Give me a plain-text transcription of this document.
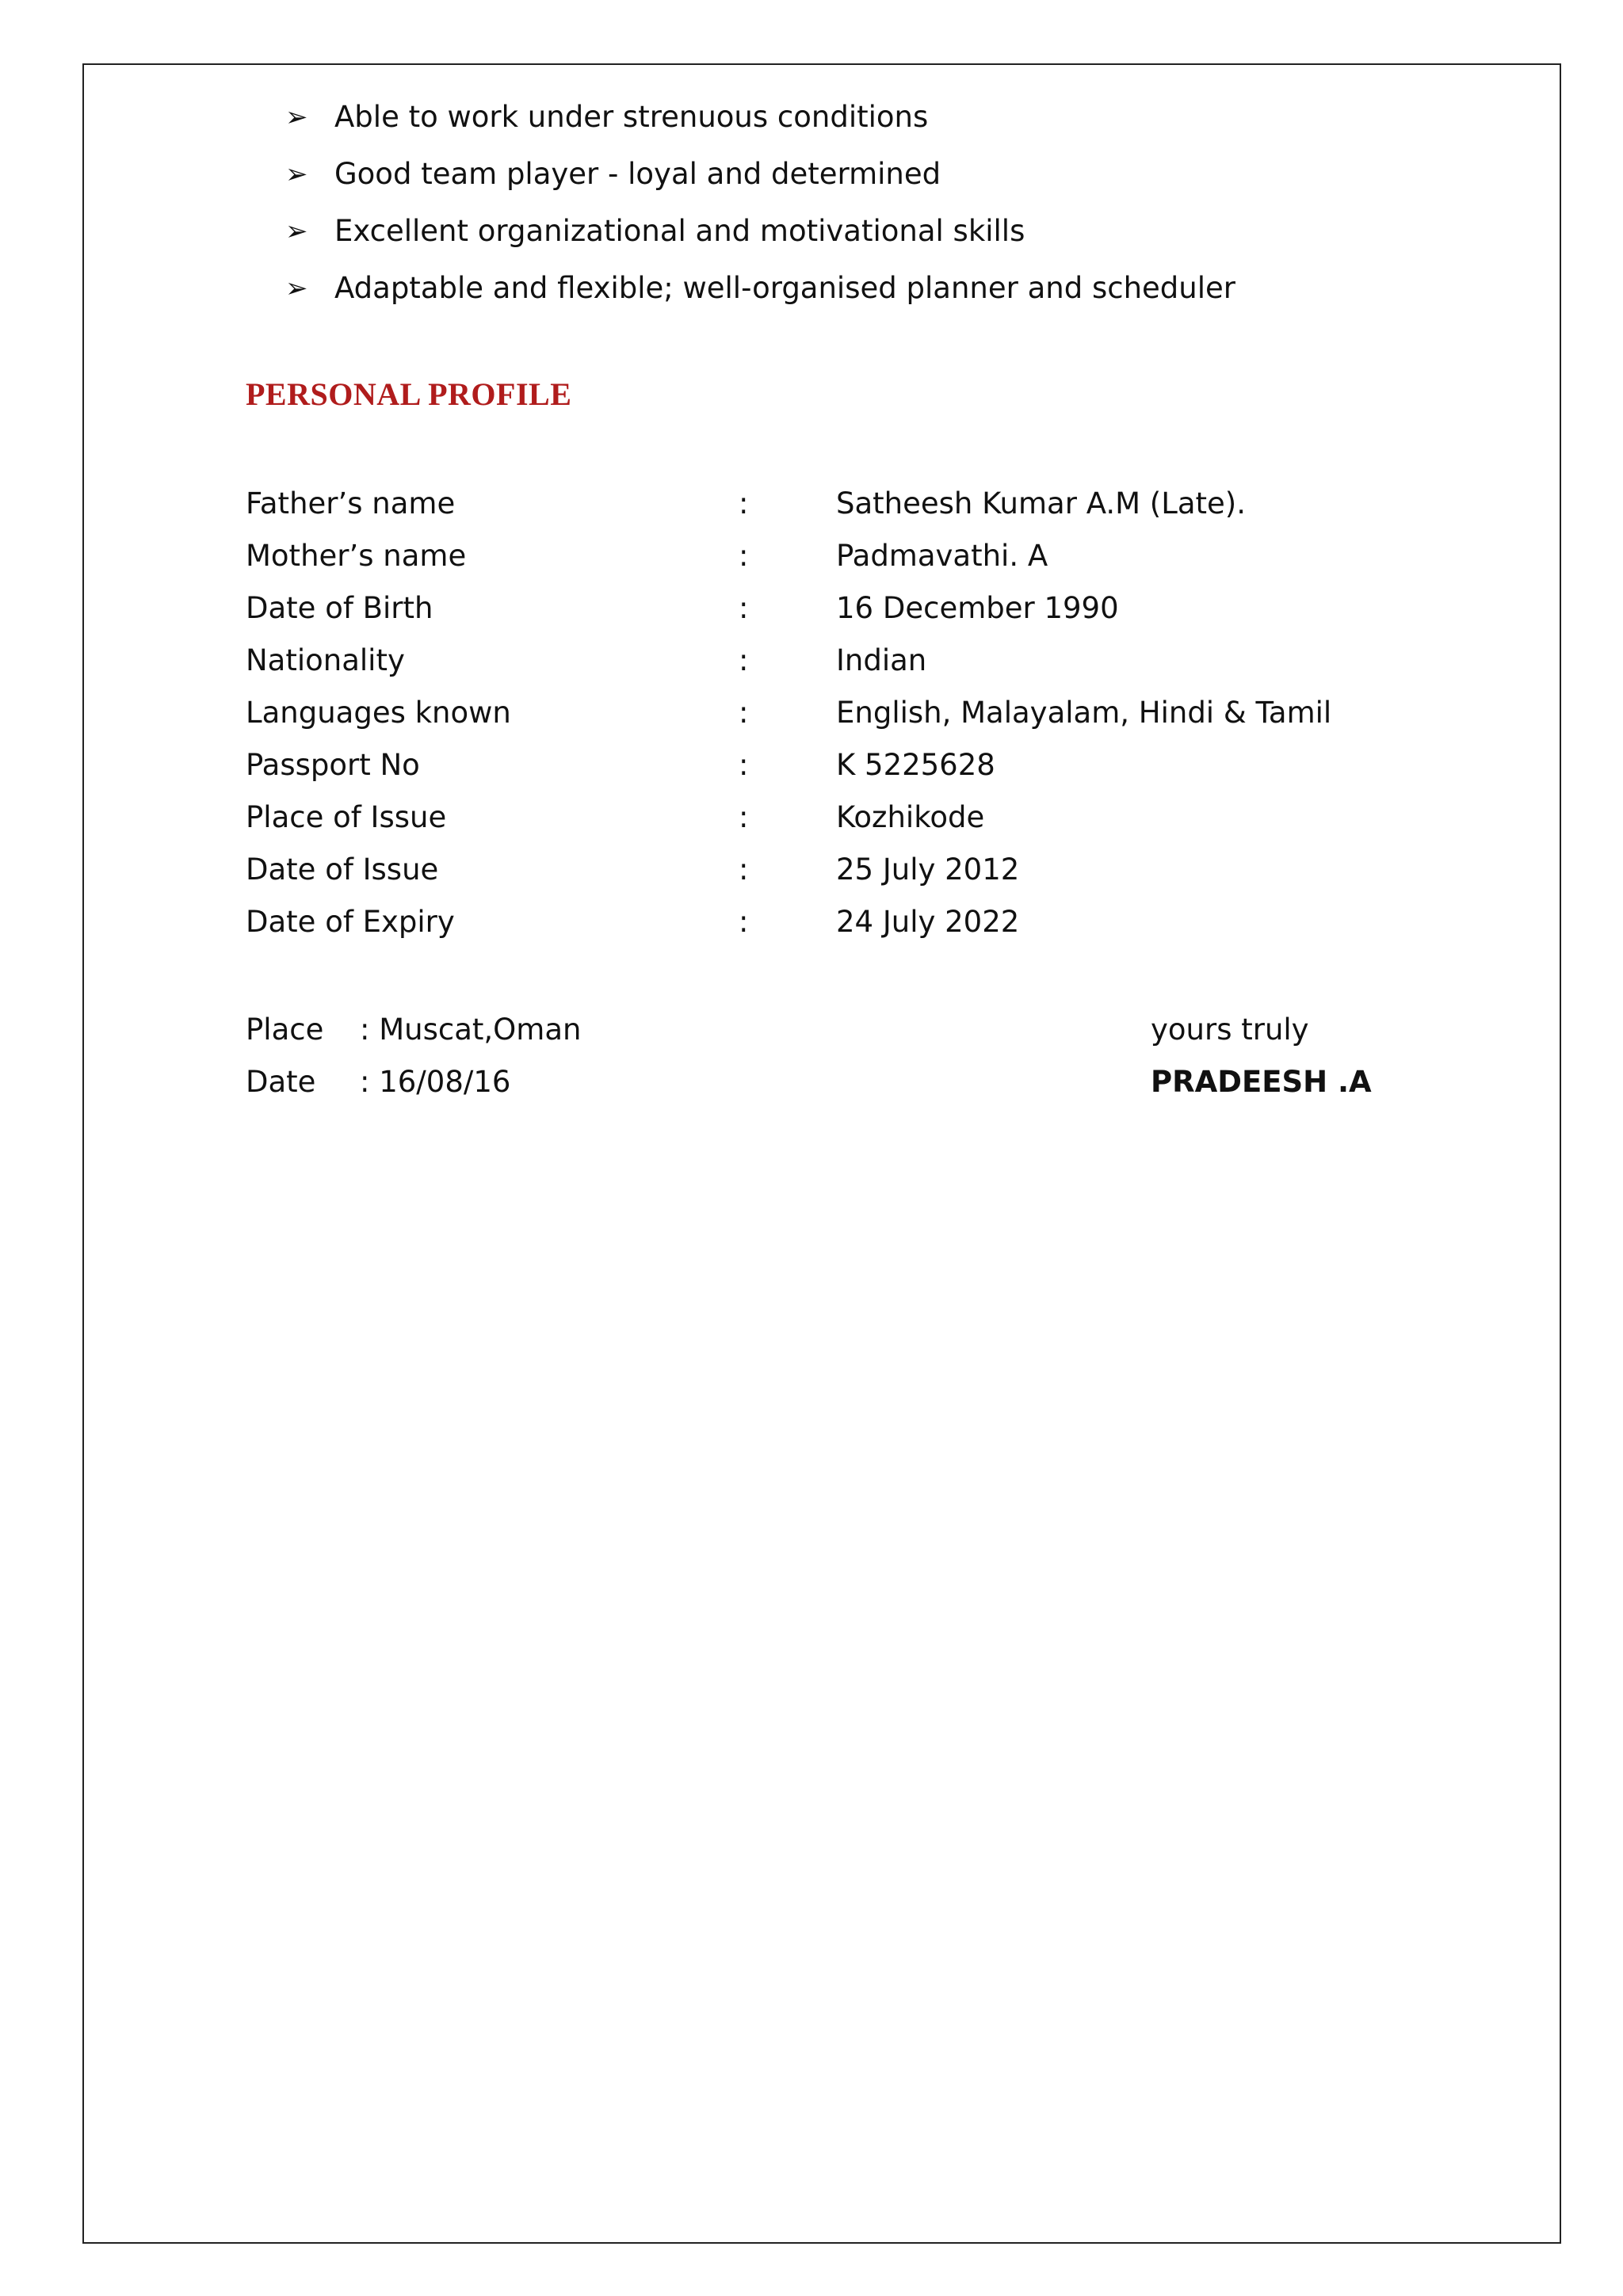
➢ Able to work under strenuous conditions
➢ Good team player - loyal and determined
➢ Excellent organizational and motivational skills
➢ Adaptable and flexible; well-organised planner and scheduler
PERSONAL PROFILE
Father’s name	:	Satheesh Kumar A.M (Late).
Mother’s name	:	Padmavathi. A
Date of Birth	:	16 December 1990
Nationality	:	Indian
Languages known	:	English, Malayalam, Hindi & Tamil
Passport No	:	K 5225628
Place of Issue	:	Kozhikode
Date of Issue	:	25 July 2012
Date of Expiry	:	24 July 2022
Place : Muscat,Oman	yours truly
Date : 16/08/16	PRADEESH .A
